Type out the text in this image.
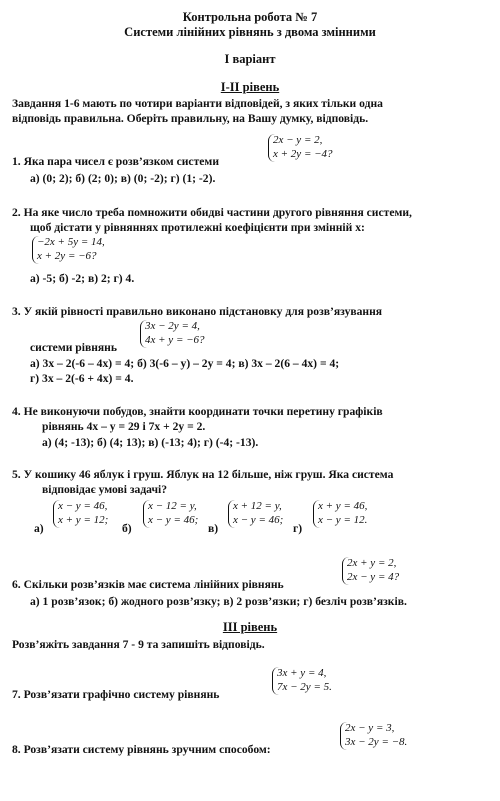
Контрольна робота № 7
Системи лінійних рівнянь з двома змінними
I варіант
I-II рівень
Завдання 1-6 мають по чотири варіанти відповідей, з яких тільки одна
відповідь правильна. Оберіть правильну, на Вашу думку, відповідь.
1. Яка пара чисел є розв’язком системи
2x − y = 2,
x + 2y = −4?
а) (0; 2); б) (2; 0); в) (0; -2); г) (1; -2).
2. На яке число треба помножити обидві частини другого рівняння системи,
щоб дістати у рівняннях протилежні коефіцієнти при змінній х:
−2x + 5y = 14,
x + 2y = −6?
а) -5; б) -2; в) 2; г) 4.
3. У якій рівності правильно виконано підстановку для розв’язування
3x − 2y = 4,
4x + y = −6?
системи рівнянь
а) 3х – 2(-6 – 4х) = 4; б) 3(-6 – у) – 2у = 4; в) 3х – 2(6 – 4х) = 4;
г) 3х – 2(-6 + 4х) = 4.
4. Не виконуючи побудов, знайти координати точки перетину графіків
рівнянь 4х – у = 29 і 7х + 2у = 2.
а) (4; -13); б) (4; 13); в) (-13; 4); г) (-4; -13).
5. У кошику 46 яблук і груш. Яблук на 12 більше, ніж груш. Яка система
відповідає умові задачі?
а)
x − y = 46,
x + y = 12;
б)
x − 12 = y,
x − y = 46;
в)
x + 12 = y,
x − y = 46;
г)
x + y = 46,
x − y = 12.
6. Скільки розв’язків має система лінійних рівнянь
2x + y = 2,
2x − y = 4?
а) 1 розв’язок; б) жодного розв’язку; в) 2 розв’язки; г) безліч розв’язків.
III рівень
Розв’яжіть завдання 7 - 9 та запишіть відповідь.
7. Розв’язати графічно систему рівнянь
3x + y = 4,
7x − 2y = 5.
8. Розв’язати систему рівнянь зручним способом:
2x − y = 3,
3x − 2y = −8.
